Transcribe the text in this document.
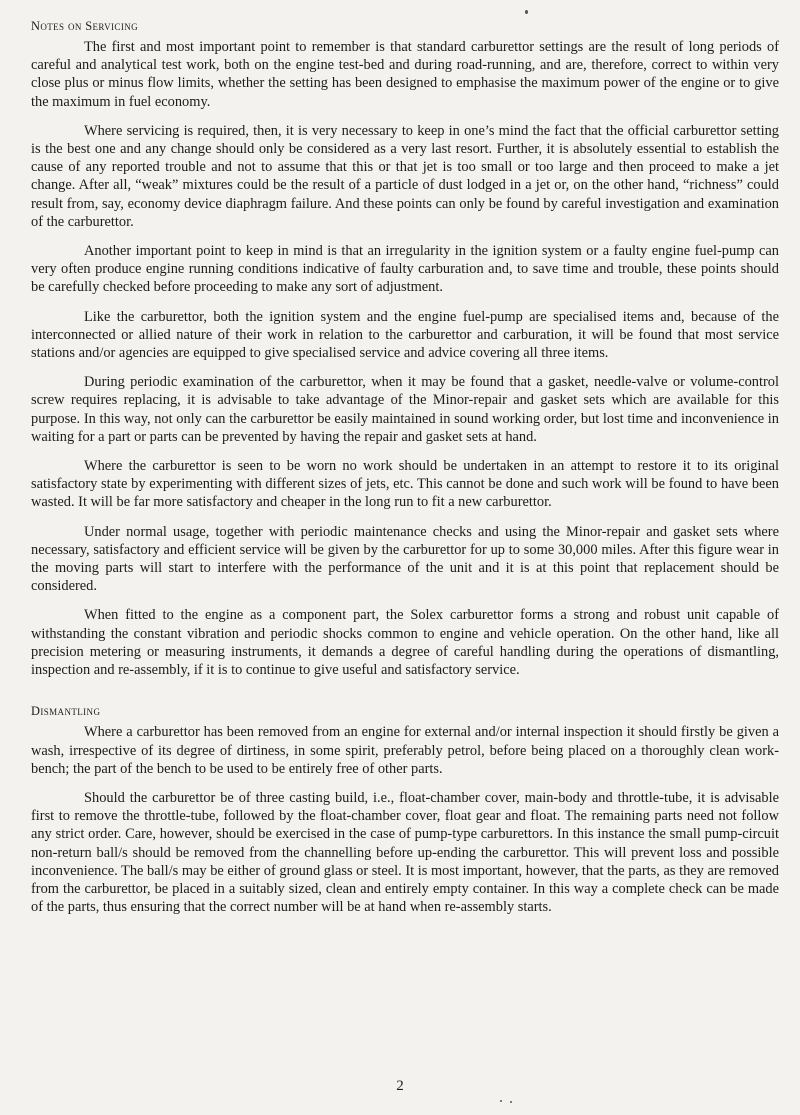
Notes on Servicing

The first and most important point to remember is that standard carburettor settings are the result of long periods of careful and analytical test work, both on the engine test-bed and during road-running, and are, therefore, correct to within very close plus or minus flow limits, whether the setting has been designed to emphasise the maximum power of the engine or to give the maximum in fuel economy.

Where servicing is required, then, it is very necessary to keep in one’s mind the fact that the official carburettor setting is the best one and any change should only be considered as a very last resort. Further, it is absolutely essential to establish the cause of any reported trouble and not to assume that this or that jet is too small or too large and then proceed to make a jet change. After all, “weak” mixtures could be the result of a particle of dust lodged in a jet or, on the other hand, “richness” could result from, say, economy device diaphragm failure. And these points can only be found by careful investigation and examination of the carburettor.

Another important point to keep in mind is that an irregularity in the ignition system or a faulty engine fuel-pump can very often produce engine running conditions indicative of faulty carburation and, to save time and trouble, these points should be carefully checked before proceeding to make any sort of adjustment.

Like the carburettor, both the ignition system and the engine fuel-pump are specialised items and, because of the interconnected or allied nature of their work in relation to the carburettor and carburation, it will be found that most service stations and/or agencies are equipped to give specialised service and advice covering all three items.

During periodic examination of the carburettor, when it may be found that a gasket, needle-valve or volume-control screw requires replacing, it is advisable to take advantage of the Minor-repair and gasket sets which are available for this purpose. In this way, not only can the carburettor be easily maintained in sound working order, but lost time and inconvenience in waiting for a part or parts can be prevented by having the repair and gasket sets at hand.

Where the carburettor is seen to be worn no work should be undertaken in an attempt to restore it to its original satisfactory state by experimenting with different sizes of jets, etc. This cannot be done and such work will be found to have been wasted. It will be far more satisfactory and cheaper in the long run to fit a new carburettor.

Under normal usage, together with periodic maintenance checks and using the Minor-repair and gasket sets where necessary, satisfactory and efficient service will be given by the carburettor for up to some 30,000 miles. After this figure wear in the moving parts will start to interfere with the performance of the unit and it is at this point that replacement should be considered.

When fitted to the engine as a component part, the Solex carburettor forms a strong and robust unit capable of withstanding the constant vibration and periodic shocks common to engine and vehicle operation. On the other hand, like all precision metering or measuring instruments, it demands a degree of careful handling during the operations of dismantling, inspection and re-assembly, if it is to continue to give useful and satisfactory service.

Dismantling

Where a carburettor has been removed from an engine for external and/or internal inspection it should firstly be given a wash, irrespective of its degree of dirtiness, in some spirit, preferably petrol, before being placed on a thoroughly clean work-bench; the part of the bench to be used to be entirely free of other parts.

Should the carburettor be of three casting build, i.e., float-chamber cover, main-body and throttle-tube, it is advisable first to remove the throttle-tube, followed by the float-chamber cover, float gear and float. The remaining parts need not follow any strict order. Care, however, should be exercised in the case of pump-type carburettors. In this instance the small pump-circuit non-return ball/s should be removed from the channelling before up-ending the carburettor. This will prevent loss and possible inconvenience. The ball/s may be either of ground glass or steel. It is most important, however, that the parts, as they are removed from the carburettor, be placed in a suitably sized, clean and entirely empty container. In this way a complete check can be made of the parts, thus ensuring that the correct number will be at hand when re-assembly starts.

2
